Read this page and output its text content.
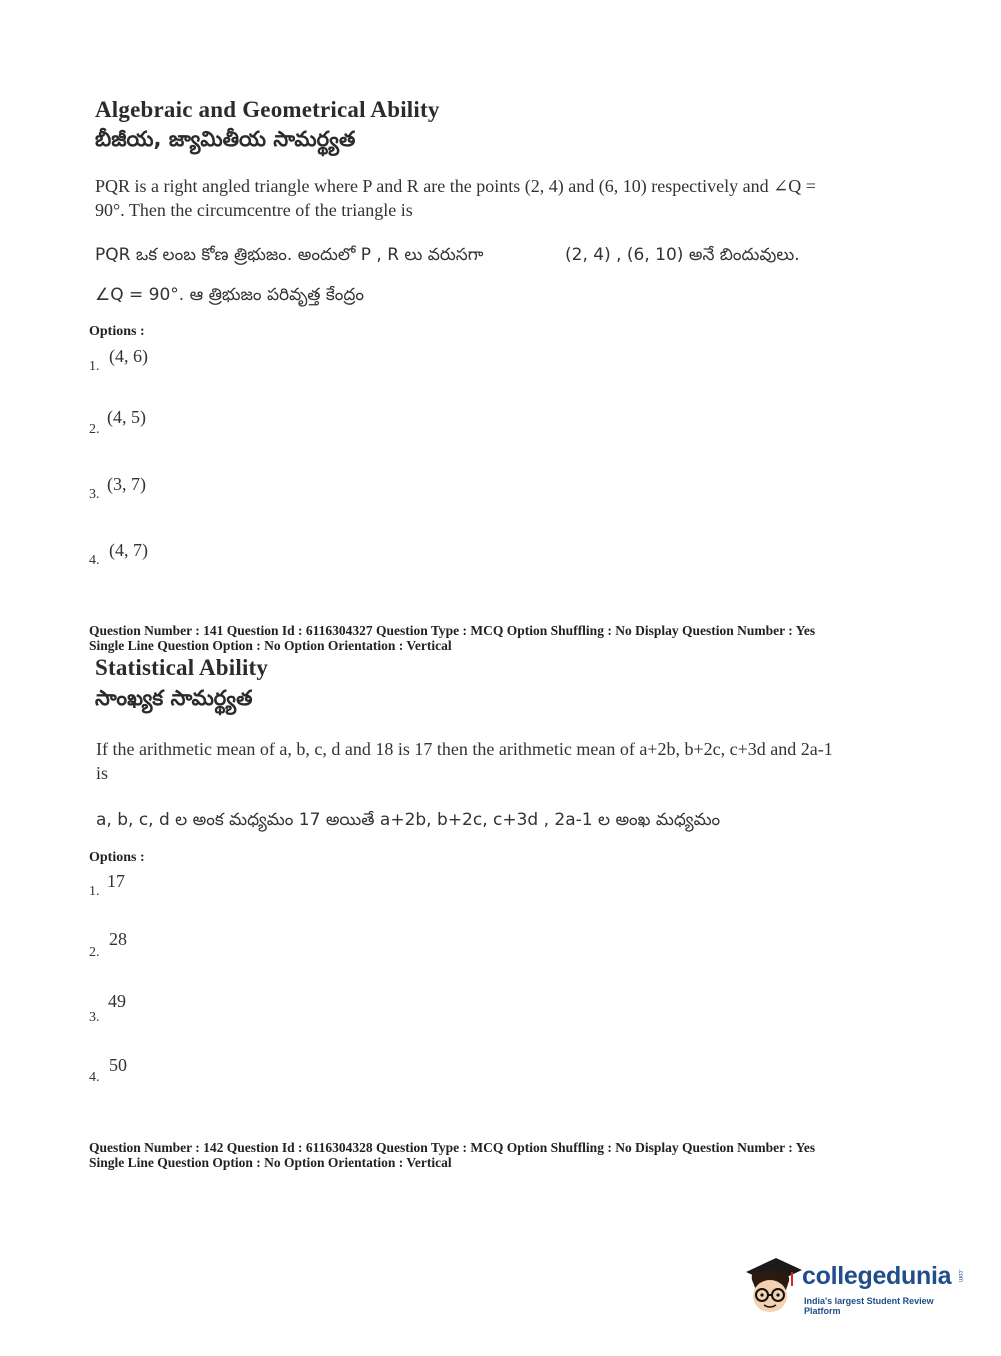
Algebraic and Geometrical Ability
బీజీయ, జ్యామితీయ సామర్థ్యత
PQR is a right angled triangle where P and R are the points (2, 4) and (6, 10) respectively and ∠Q = 90°. Then the circumcentre of the triangle is
PQR ఒక లంబ కోణ త్రిభుజం. అందులో P , R లు వరుసగా	(2, 4) , (6, 10) అనే బిందువులు.
∠Q = 90°. ఆ త్రిభుజం పరివృత్త కేంద్రం
Options :
1.
(4, 6)
2.
(4, 5)
3.
(3, 7)
4.
(4, 7)
Question Number : 141 Question Id : 6116304327 Question Type : MCQ Option Shuffling : No Display Question Number : Yes
Single Line Question Option : No Option Orientation : Vertical
Statistical Ability
సాంఖ్యక సామర్థ్యత
If the arithmetic mean of a, b, c, d and 18 is 17 then the arithmetic mean of a+2b, b+2c, c+3d and 2a-1 is
a, b, c, d ల అంక మధ్యమం 17 అయితే a+2b, b+2c, c+3d , 2a-1 ల అంఖ మధ్యమం
Options :
1.
17
2.
28
3.
49
4.
50
Question Number : 142 Question Id : 6116304328 Question Type : MCQ Option Shuffling : No Display Question Number : Yes
Single Line Question Option : No Option Orientation : Vertical
collegedunia .com
India's largest Student Review Platform
